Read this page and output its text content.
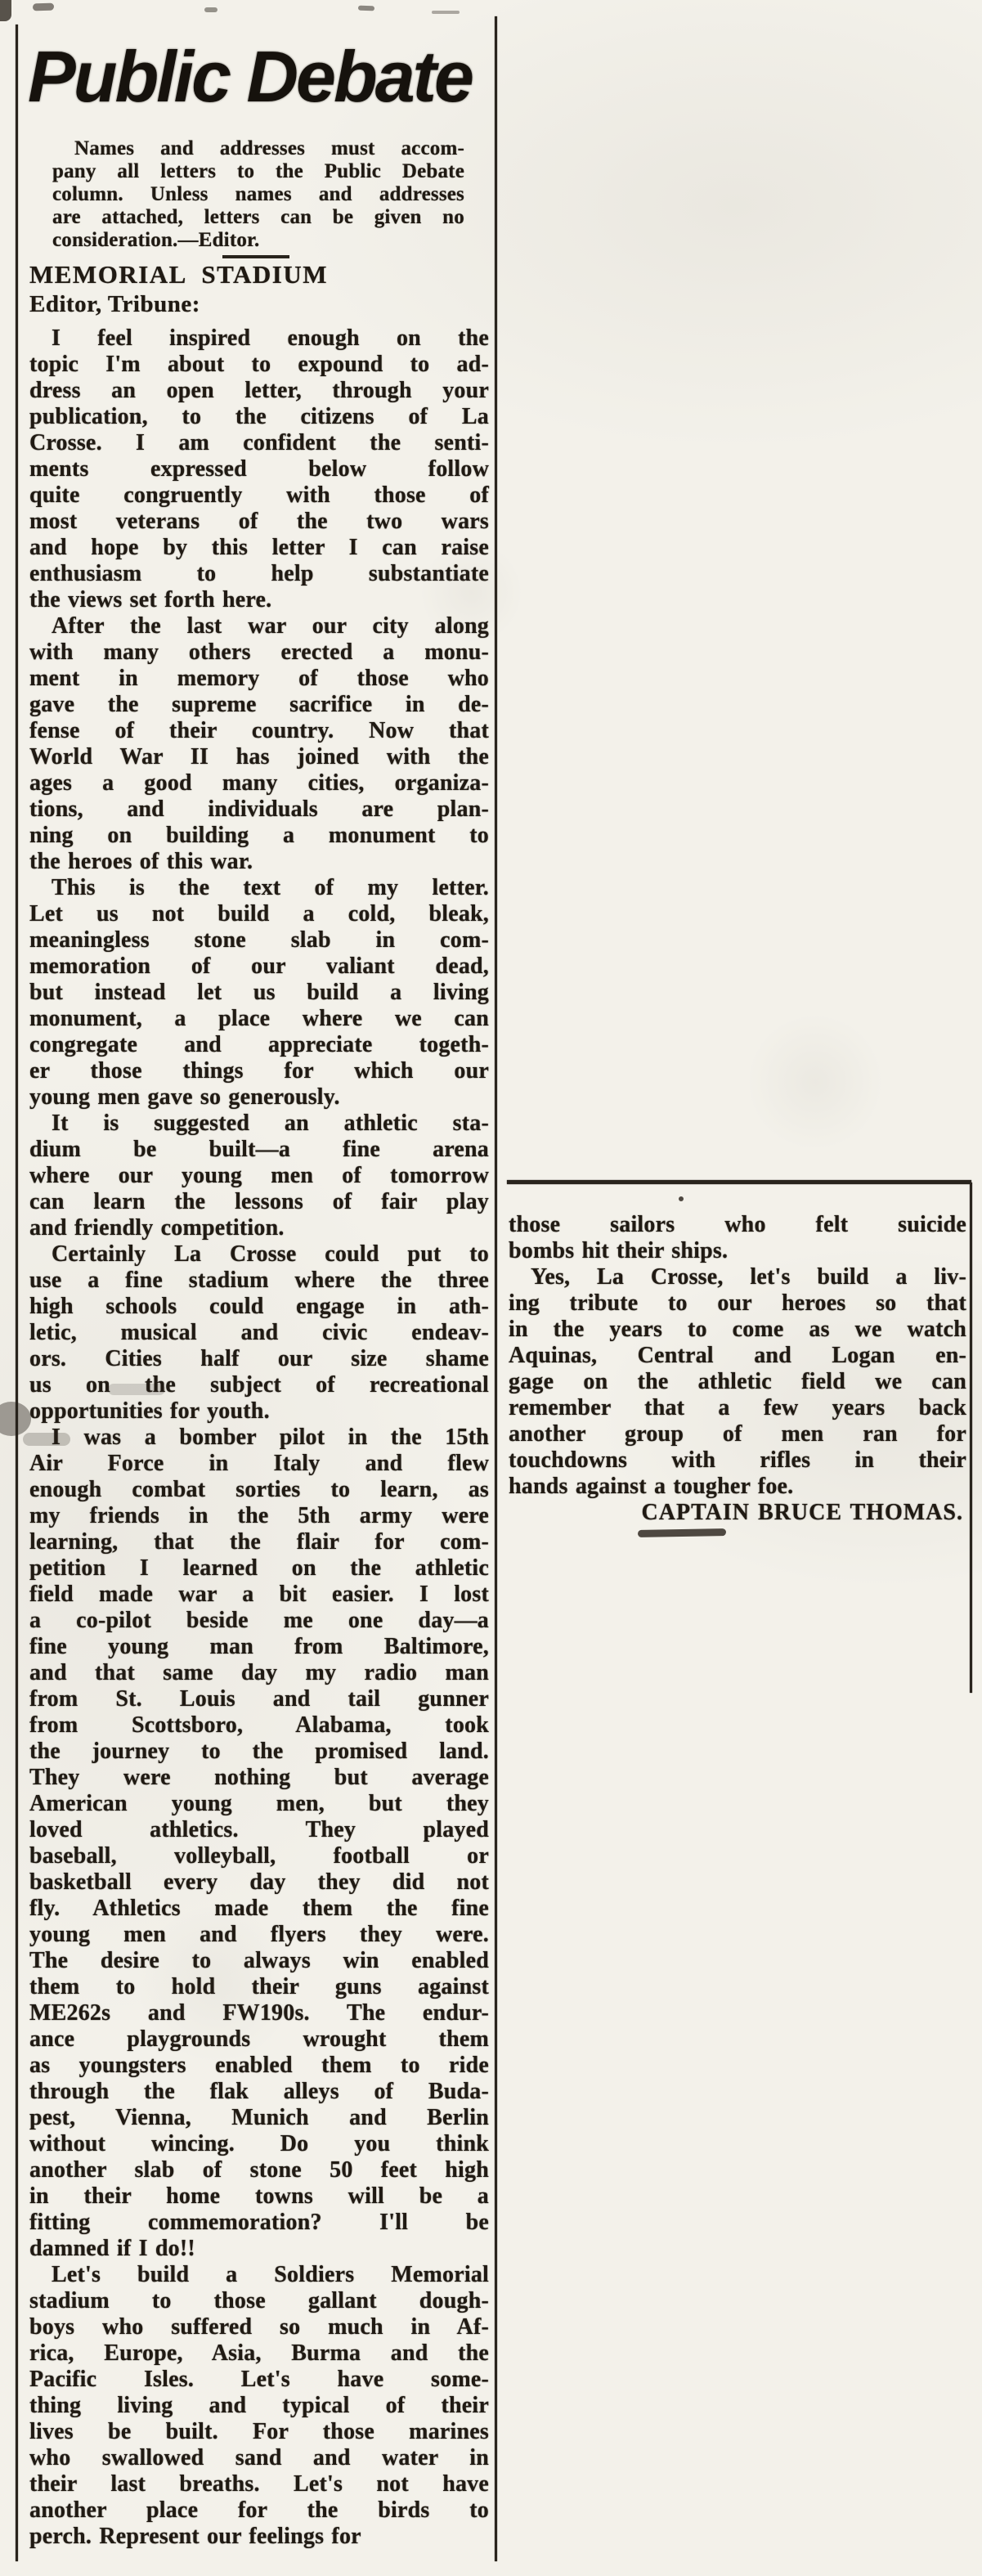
Public Debate
Names and addresses must accom-
pany all letters to the Public Debate
column. Unless names and addresses
are attached, letters can be given no
consideration.—Editor.
MEMORIAL STADIUM
Editor, Tribune:
I feel inspired enough on the
topic I'm about to expound to ad-
dress an open letter, through your
publication, to the citizens of La
Crosse. I am confident the senti-
ments expressed below follow
quite congruently with those of
most veterans of the two wars
and hope by this letter I can raise
enthusiasm to help substantiate
the views set forth here.
After the last war our city along
with many others erected a monu-
ment in memory of those who
gave the supreme sacrifice in de-
fense of their country. Now that
World War II has joined with the
ages a good many cities, organiza-
tions, and individuals are plan-
ning on building a monument to
the heroes of this war.
This is the text of my letter.
Let us not build a cold, bleak,
meaningless stone slab in com-
memoration of our valiant dead,
but instead let us build a living
monument, a place where we can
congregate and appreciate togeth-
er those things for which our
young men gave so generously.
It is suggested an athletic sta-
dium be built—a fine arena
where our young men of tomorrow
can learn the lessons of fair play
and friendly competition.
Certainly La Crosse could put to
use a fine stadium where the three
high schools could engage in ath-
letic, musical and civic endeav-
ors. Cities half our size shame
us on the subject of recreational
opportunities for youth.
I was a bomber pilot in the 15th
Air Force in Italy and flew
enough combat sorties to learn, as
my friends in the 5th army were
learning, that the flair for com-
petition I learned on the athletic
field made war a bit easier. I lost
a co-pilot beside me one day—a
fine young man from Baltimore,
and that same day my radio man
from St. Louis and tail gunner
from Scottsboro, Alabama, took
the journey to the promised land.
They were nothing but average
American young men, but they
loved athletics. They played
baseball, volleyball, football or
basketball every day they did not
fly. Athletics made them the fine
young men and flyers they were.
The desire to always win enabled
them to hold their guns against
ME262s and FW190s. The endur-
ance playgrounds wrought them
as youngsters enabled them to ride
through the flak alleys of Buda-
pest, Vienna, Munich and Berlin
without wincing. Do you think
another slab of stone 50 feet high
in their home towns will be a
fitting commemoration? I'll be
damned if I do!!
Let's build a Soldiers Memorial
stadium to those gallant dough-
boys who suffered so much in Af-
rica, Europe, Asia, Burma and the
Pacific Isles. Let's have some-
thing living and typical of their
lives be built. For those marines
who swallowed sand and water in
their last breaths. Let's not have
another place for the birds to
perch. Represent our feelings for
those sailors who felt suicide
bombs hit their ships.
Yes, La Crosse, let's build a liv-
ing tribute to our heroes so that
in the years to come as we watch
Aquinas, Central and Logan en-
gage on the athletic field we can
remember that a few years back
another group of men ran for
touchdowns with rifles in their
hands against a tougher foe.
CAPTAIN BRUCE THOMAS.
